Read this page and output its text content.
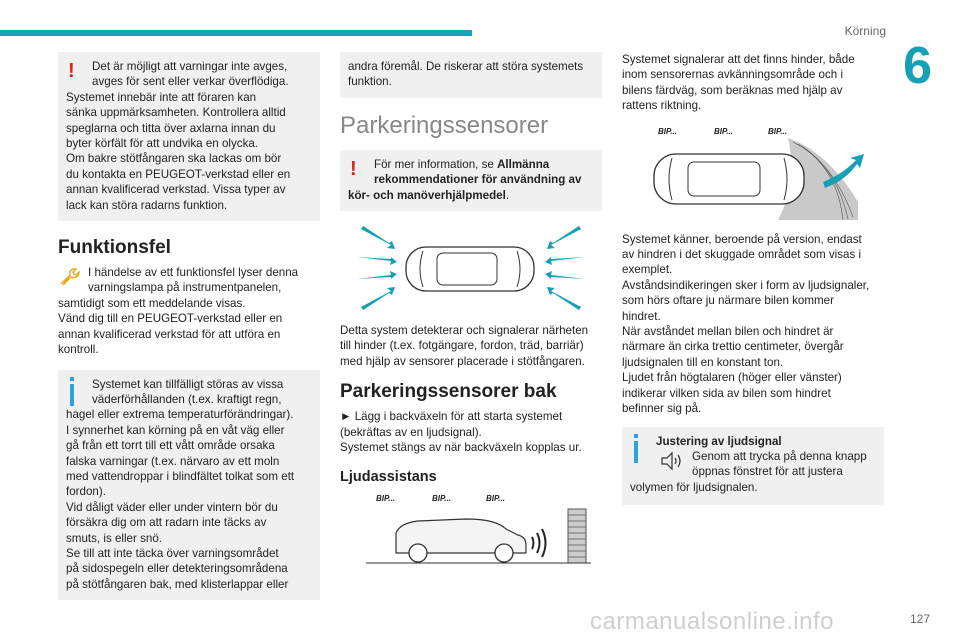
Körning
6
127
!	Det är möjligt att varningar inte avges,
avges för sent eller verkar överflödiga.
Systemet innebär inte att föraren kan
sänka uppmärksamheten. Kontrollera alltid
speglarna och titta över axlarna innan du
byter körfält för att undvika en olycka.
Om bakre stötfångaren ska lackas om bör
du kontakta en PEUGEOT-verkstad eller en
annan kvalificerad verkstad. Vissa typer av
lack kan störa radarns funktion.
Funktionsfel
I händelse av ett funktionsfel lyser denna
varningslampa på instrumentpanelen,
samtidigt som ett meddelande visas.
Vänd dig till en PEUGEOT-verkstad eller en
annan kvalificerad verkstad för att utföra en
kontroll.
Systemet kan tillfälligt störas av vissa
väderförhållanden (t.ex. kraftigt regn,
hagel eller extrema temperaturförändringar).
I synnerhet kan körning på en våt väg eller
gå från ett torrt till ett vått område orsaka
falska varningar (t.ex. närvaro av ett moln
med vattendroppar i blindfältet tolkat som ett
fordon).
Vid dåligt väder eller under vintern bör du
försäkra dig om att radarn inte täcks av
smuts, is eller snö.
Se till att inte täcka över varningsområdet
på sidospegeln eller detekteringsområdena
på stötfångaren bak, med klisterlappar eller
andra föremål. De riskerar att störa systemets
funktion.
Parkeringssensorer
!	För mer information, se Allmänna
rekommendationer för användning av
kör- och manöverhjälpmedel.
Detta system detekterar och signalerar närheten
till hinder (t.ex. fotgängare, fordon, träd, barriär)
med hjälp av sensorer placerade i stötfångaren.
Parkeringssensorer bak
► Lägg i backväxeln för att starta systemet
(bekräftas av en ljudsignal).
Systemet stängs av när backväxeln kopplas ur.
Ljudassistans
BIP...	BIP...	BIP...
Systemet signalerar att det finns hinder, både
inom sensorernas avkänningsområde och i
bilens färdväg, som beräknas med hjälp av
rattens riktning.
BIP...	BIP...	BIP...
Systemet känner, beroende på version, endast
av hindren i det skuggade området som visas i
exemplet.
Avståndsindikeringen sker i form av ljudsignaler,
som hörs oftare ju närmare bilen kommer
hindret.
När avståndet mellan bilen och hindret är
närmare än cirka trettio centimeter, övergår
ljudsignalen till en konstant ton.
Ljudet från högtalaren (höger eller vänster)
indikerar vilken sida av bilen som hindret
befinner sig på.
Justering av ljudsignal
Genom att trycka på denna knapp
öppnas fönstret för att justera
volymen för ljudsignalen.
carmanualsonline.info
